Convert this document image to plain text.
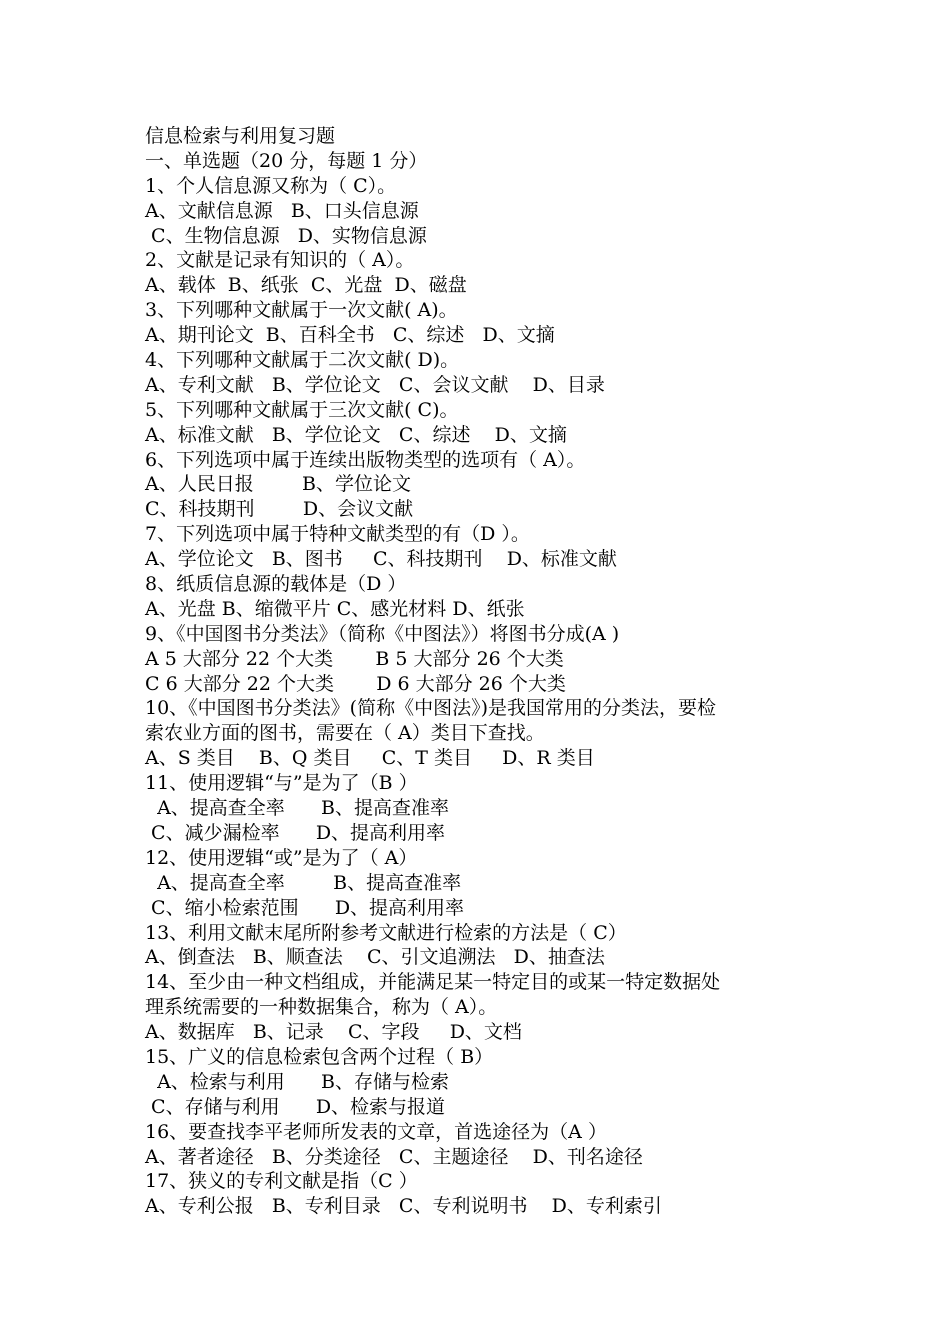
信息检索与利用复习题
一、单选题（20 分，每题 1 分）
1、个人信息源又称为（ C）。
A、文献信息源   B、口头信息源
C、生物信息源   D、实物信息源
2、文献是记录有知识的（ A）。
A、载体  B、纸张  C、光盘  D、磁盘
3、下列哪种文献属于一次文献( A)。
A、期刊论文  B、百科全书   C、综述   D、文摘
4、下列哪种文献属于二次文献( D)。
A、专利文献   B、学位论文   C、会议文献    D、目录
5、下列哪种文献属于三次文献( C)。
A、标准文献   B、学位论文   C、综述    D、文摘
6、下列选项中属于连续出版物类型的选项有（ A）。
A、人民日报        B、学位论文
C、科技期刊        D、会议文献
7、下列选项中属于特种文献类型的有（D ）。
A、学位论文   B、图书     C、科技期刊    D、标准文献
8、纸质信息源的载体是（D ）
A、光盘 B、缩微平片 C、感光材料 D、纸张
9、《中国图书分类法》（简称《中图法》）将图书分成(A )
A 5 大部分 22 个大类       B 5 大部分 26 个大类
C 6 大部分 22 个大类       D 6 大部分 26 个大类
10、《中国图书分类法》(简称《中图法》)是我国常用的分类法，要检
索农业方面的图书，需要在（ A）类目下查找。
A、S 类目    B、Q 类目     C、T 类目     D、R 类目
11、使用逻辑“与”是为了（B ）
A、提高查全率      B、提高查准率
C、减少漏检率      D、提高利用率
12、使用逻辑“或”是为了（ A）
A、提高查全率        B、提高查准率
C、缩小检索范围      D、提高利用率
13、利用文献末尾所附参考文献进行检索的方法是（ C）
A、倒查法   B、顺查法    C、引文追溯法   D、抽查法
14、至少由一种文档组成，并能满足某一特定目的或某一特定数据处
理系统需要的一种数据集合，称为（ A）。
A、数据库   B、记录    C、字段     D、文档
15、广义的信息检索包含两个过程（ B）
A、检索与利用      B、存储与检索
C、存储与利用      D、检索与报道
16、要查找李平老师所发表的文章，首选途径为（A ）
A、著者途径   B、分类途径   C、主题途径    D、刊名途径
17、狭义的专利文献是指（C ）
A、专利公报   B、专利目录   C、专利说明书    D、专利索引
